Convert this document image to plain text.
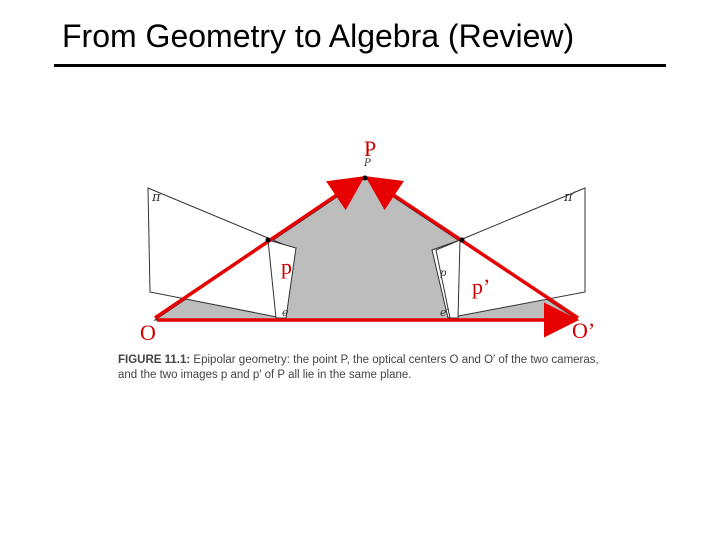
From Geometry to Algebra (Review)
π	π′
P
p
e	e′
P
p
p’
O	O’
FIGURE 11.1: Epipolar geometry: the point P, the optical centers O and O′ of the two cameras, and the two images p and p′ of P all lie in the same plane.
